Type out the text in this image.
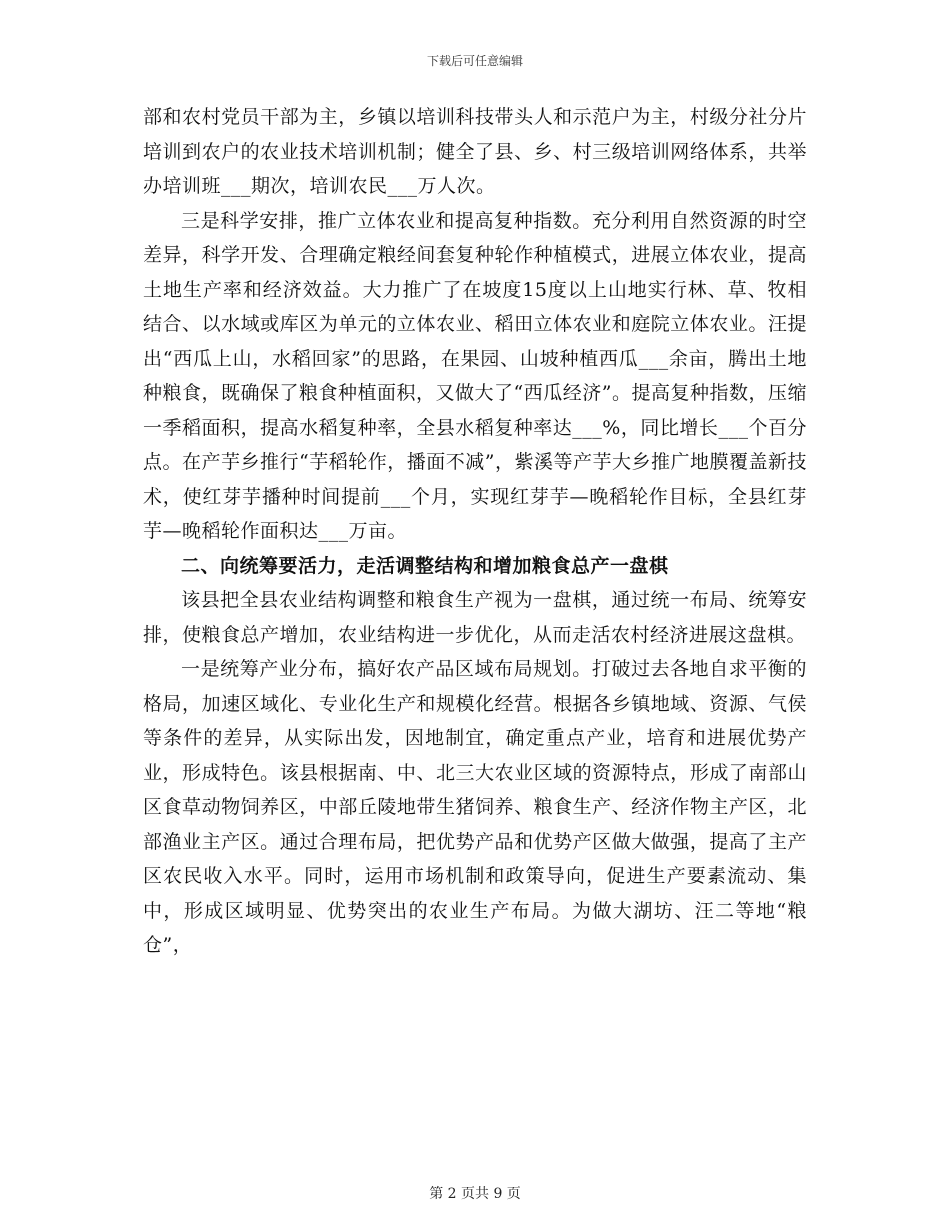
下载后可任意编辑

部和农村党员干部为主，乡镇以培训科技带头人和示范户为主，村级分社分片培训到农户的农业技术培训机制；健全了县、乡、村三级培训网络体系，共举办培训班___期次，培训农民___万人次。

三是科学安排，推广立体农业和提高复种指数。充分利用自然资源的时空差异，科学开发、合理确定粮经间套复种轮作种植模式，进展立体农业，提高土地生产率和经济效益。大力推广了在坡度15度以上山地实行林、草、牧相结合、以水域或库区为单元的立体农业、稻田立体农业和庭院立体农业。汪提出“西瓜上山，水稻回家”的思路，在果园、山坡种植西瓜___余亩，腾出土地种粮食，既确保了粮食种植面积，又做大了“西瓜经济”。提高复种指数，压缩一季稻面积，提高水稻复种率，全县水稻复种率达___%，同比增长___个百分点。在产芋乡推行“芋稻轮作，播面不减”，紫溪等产芋大乡推广地膜覆盖新技术，使红芽芋播种时间提前___个月，实现红芽芋—晚稻轮作目标，全县红芽芋—晚稻轮作面积达___万亩。

二、向统筹要活力，走活调整结构和增加粮食总产一盘棋

该县把全县农业结构调整和粮食生产视为一盘棋，通过统一布局、统筹安排，使粮食总产增加，农业结构进一步优化，从而走活农村经济进展这盘棋。

一是统筹产业分布，搞好农产品区域布局规划。打破过去各地自求平衡的格局，加速区域化、专业化生产和规模化经营。根据各乡镇地域、资源、气侯等条件的差异，从实际出发，因地制宜，确定重点产业，培育和进展优势产业，形成特色。该县根据南、中、北三大农业区域的资源特点，形成了南部山区食草动物饲养区，中部丘陵地带生猪饲养、粮食生产、经济作物主产区，北部渔业主产区。通过合理布局，把优势产品和优势产区做大做强，提高了主产区农民收入水平。同时，运用市场机制和政策导向，促进生产要素流动、集中，形成区域明显、优势突出的农业生产布局。为做大湖坊、汪二等地“粮仓”，

第 2 页共 9 页
